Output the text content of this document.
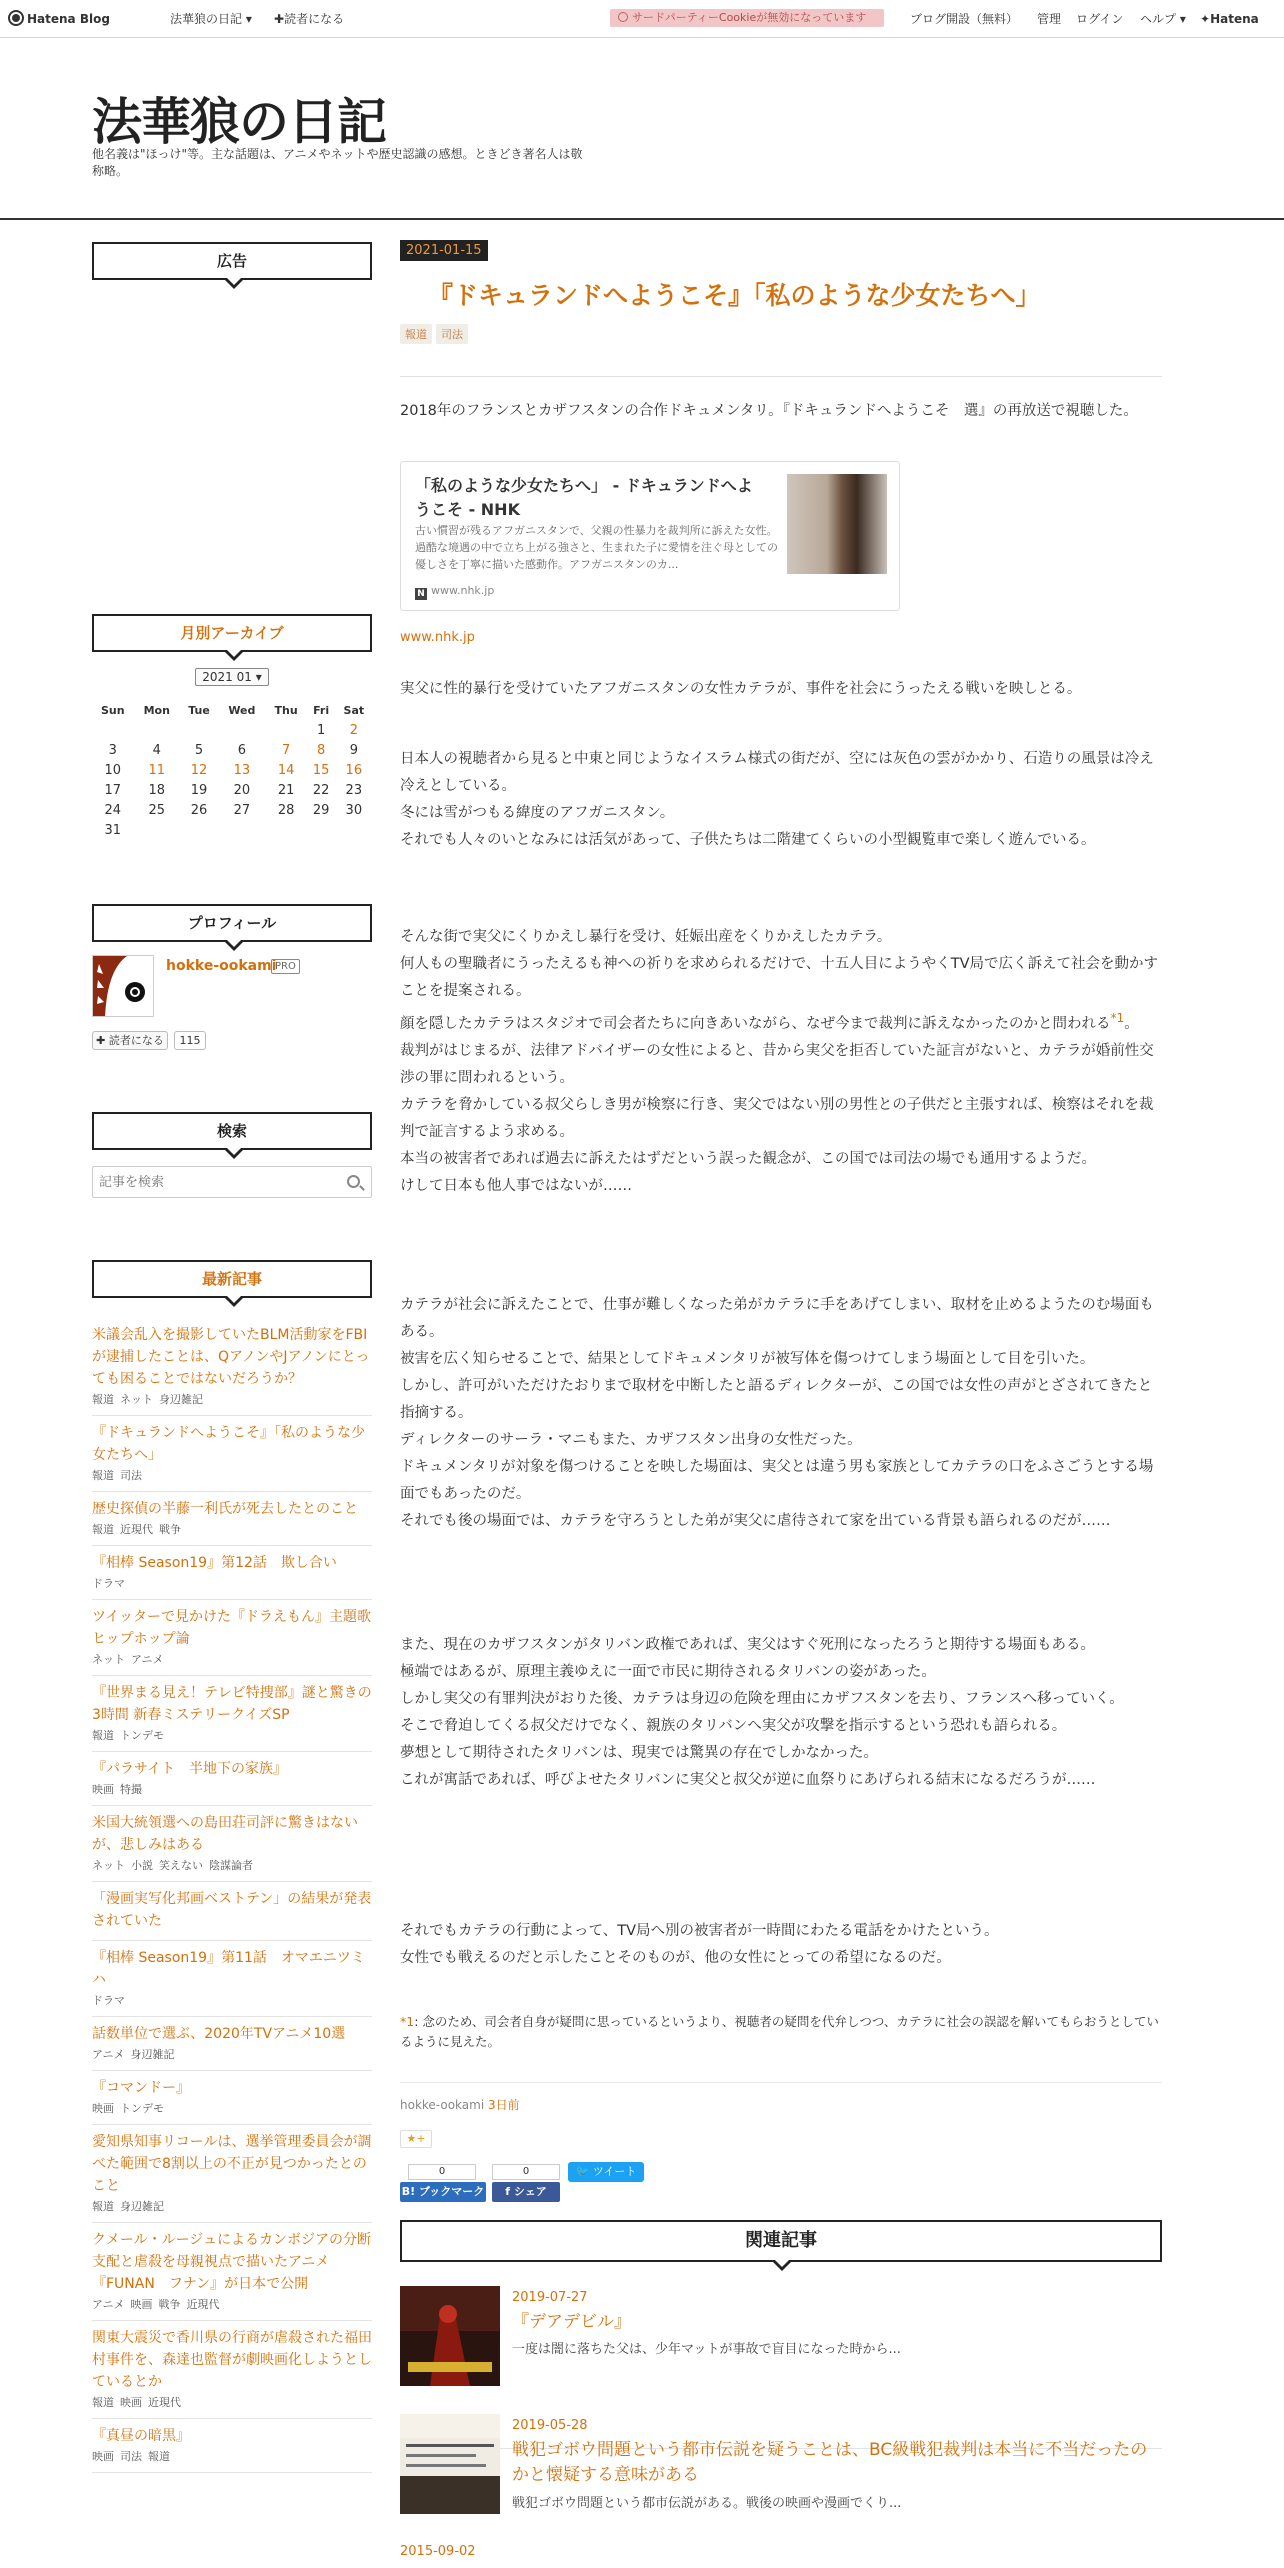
Hatena Blog	法華狼の日記 ▾ ✚読者になる	サードパーティーCookieが無効になっています	ブログ開設（無料） 管理 ログイン ヘルプ ▾ ✦Hatena
法華狼の日記
他名義は"ほっけ"等。主な話題は、アニメやネットや歴史認識の感想。ときどき著名人は敬称略。
広告
月別アーカイブ
2021 01 ▾
Sun	Mon	Tue	Wed	Thu	Fri	Sat
					1	2
3	4	5	6	7	8	9
10	11	12	13	14	15	16
17	18	19	20	21	22	23
24	25	26	27	28	29	30
31						
プロフィール
hokke-ookami
PRO
✚ 読者になる	115
検索
記事を検索
最新記事
米議会乱入を撮影していたBLM活動家をFBIが逮捕したことは、QアノンやJアノンにとっても困ることではないだろうか？
報道 ネット 身辺雑記
『ドキュランドへようこそ』「私のような少女たちへ」
報道 司法
歴史探偵の半藤一利氏が死去したとのこと
報道 近現代 戦争
『相棒 Season19』第12話　欺し合い
ドラマ
ツイッターで見かけた『ドラえもん』主題歌ヒップホップ論
ネット アニメ
『世界まる見え！テレビ特捜部』謎と驚きの3時間 新春ミステリークイズSP
報道 トンデモ
『パラサイト　半地下の家族』
映画 特撮
米国大統領選への島田荘司評に驚きはないが、悲しみはある
ネット 小説 笑えない 陰謀論者
「漫画実写化邦画ベストテン」の結果が発表されていた
『相棒 Season19』第11話　オマエニツミハ
ドラマ
話数単位で選ぶ、2020年TVアニメ10選
アニメ 身辺雑記
『コマンドー』
映画 トンデモ
愛知県知事リコールは、選挙管理委員会が調べた範囲で8割以上の不正が見つかったとのこと
報道 身辺雑記
クメール・ルージュによるカンボジアの分断支配と虐殺を母親視点で描いたアニメ『FUNAN　フナン』が日本で公開
アニメ 映画 戦争 近現代
関東大震災で香川県の行商が虐殺された福田村事件を、森達也監督が劇映画化しようとしているとか
報道 映画 近現代
『真昼の暗黒』
映画 司法 報道
2021-01-15
『ドキュランドへようこそ』「私のような少女たちへ」
報道 司法
2018年のフランスとカザフスタンの合作ドキュメンタリ。『ドキュランドへようこそ　選』の再放送で視聴した。
「私のような少女たちへ」 - ドキュランドへようこそ - NHK
古い慣習が残るアフガニスタンで、父親の性暴力を裁判所に訴えた女性。過酷な境遇の中で立ち上がる強さと、生まれた子に愛情を注ぐ母としての優しさを丁寧に描いた感動作。アフガニスタンのカ...
N www.nhk.jp
www.nhk.jp

実父に性的暴行を受けていたアフガニスタンの女性カテラが、事件を社会にうったえる戦いを映しとる。

日本人の視聴者から見ると中東と同じようなイスラム様式の街だが、空には灰色の雲がかかり、石造りの風景は冷え冷えとしている。

冬には雪がつもる緯度のアフガニスタン。

それでも人々のいとなみには活気があって、子供たちは二階建てくらいの小型観覧車で楽しく遊んでいる。

そんな街で実父にくりかえし暴行を受け、妊娠出産をくりかえしたカテラ。

何人もの聖職者にうったえるも神への祈りを求められるだけで、十五人目にようやくTV局で広く訴えて社会を動かすことを提案される。

顔を隠したカテラはスタジオで司会者たちに向きあいながら、なぜ今まで裁判に訴えなかったのかと問われる$^{*1}$。

裁判がはじまるが、法律アドバイザーの女性によると、昔から実父を拒否していた証言がないと、カテラが婚前性交渉の罪に問われるという。

カテラを脅かしている叔父らしき男が検察に行き、実父ではない別の男性との子供だと主張すれば、検察はそれを裁判で証言するよう求める。

本当の被害者であれば過去に訴えたはずだという誤った観念が、この国では司法の場でも通用するようだ。

けして日本も他人事ではないが……

カテラが社会に訴えたことで、仕事が難しくなった弟がカテラに手をあげてしまい、取材を止めるようたのむ場面もある。

被害を広く知らせることで、結果としてドキュメンタリが被写体を傷つけてしまう場面として目を引いた。

しかし、許可がいただけたおりまで取材を中断したと語るディレクターが、この国では女性の声がとざされてきたと指摘する。

ディレクターのサーラ・マニもまた、カザフスタン出身の女性だった。

ドキュメンタリが対象を傷つけることを映した場面は、実父とは違う男も家族としてカテラの口をふさごうとする場面でもあったのだ。

それでも後の場面では、カテラを守ろうとした弟が実父に虐待されて家を出ている背景も語られるのだが……

また、現在のカザフスタンがタリバン政権であれば、実父はすぐ死刑になったろうと期待する場面もある。

極端ではあるが、原理主義ゆえに一面で市民に期待されるタリバンの姿があった。

しかし実父の有罪判決がおりた後、カテラは身辺の危険を理由にカザフスタンを去り、フランスへ移っていく。

そこで脅迫してくる叔父だけでなく、親族のタリバンへ実父が攻撃を指示するという恐れも語られる。

夢想として期待されたタリバンは、現実では驚異の存在でしかなかった。

これが寓話であれば、呼びよせたタリバンに実父と叔父が逆に血祭りにあげられる結末になるだろうが……

それでもカテラの行動によって、TV局へ別の被害者が一時間にわたる電話をかけたという。

女性でも戦えるのだと示したことそのものが、他の女性にとっての希望になるのだ。

*1: 念のため、司会者自身が疑問に思っているというより、視聴者の疑問を代弁しつつ、カテラに社会の誤認を解いてもらおうとしているように見えた。
hokke-ookami 3日前
★+
0	0
B! ブックマーク	f シェア
🐦 ツイート
関連記事
2019-07-27
『デアデビル』
一度は闇に落ちた父は、少年マットが事故で盲目になった時から...
2019-05-28
戦犯ゴボウ問題という都市伝説を疑うことは、BC級戦犯裁判は本当に不当だったのかと懐疑する意味がある
戦犯ゴボウ問題という都市伝説がある。戦後の映画や漫画でくり...
2015-09-02
